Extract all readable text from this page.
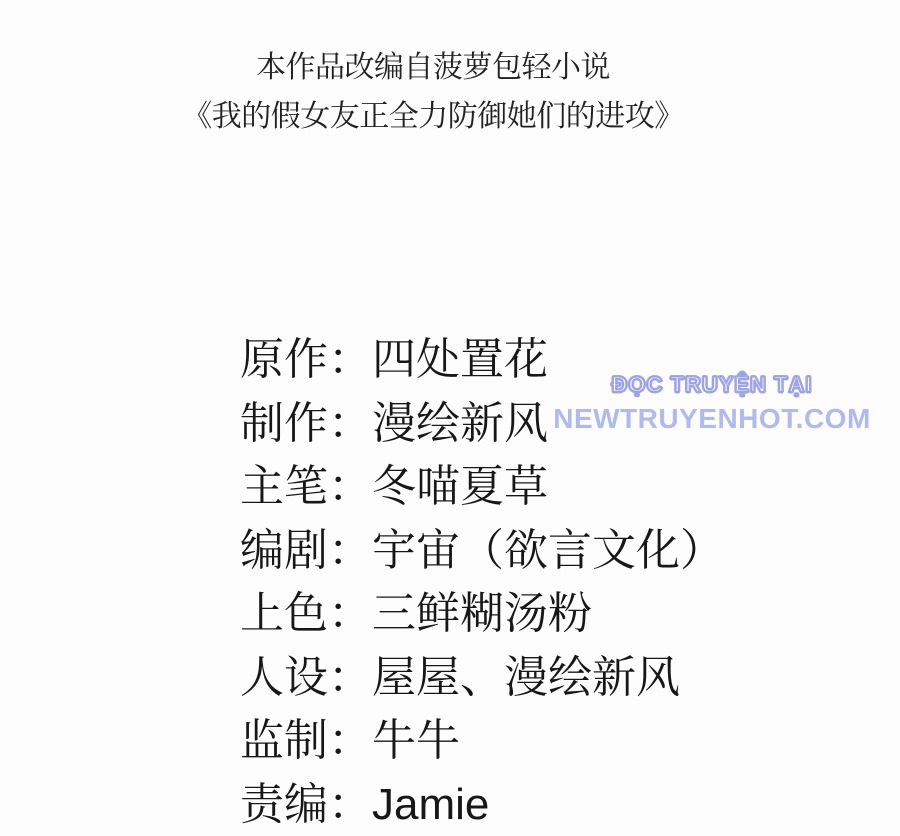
本作品改编自菠萝包轻小说
《我的假女友正全力防御她们的进攻》
原作：四处置花
制作：漫绘新风
主笔：冬喵夏草
编剧：宇宙（欲言文化）
上色：三鲜糊汤粉
人设：屋屋、漫绘新风
监制：牛牛
责编：Jamie
ĐỌC TRUYỆN TẠI
NEWTRUYENHOT.COM
